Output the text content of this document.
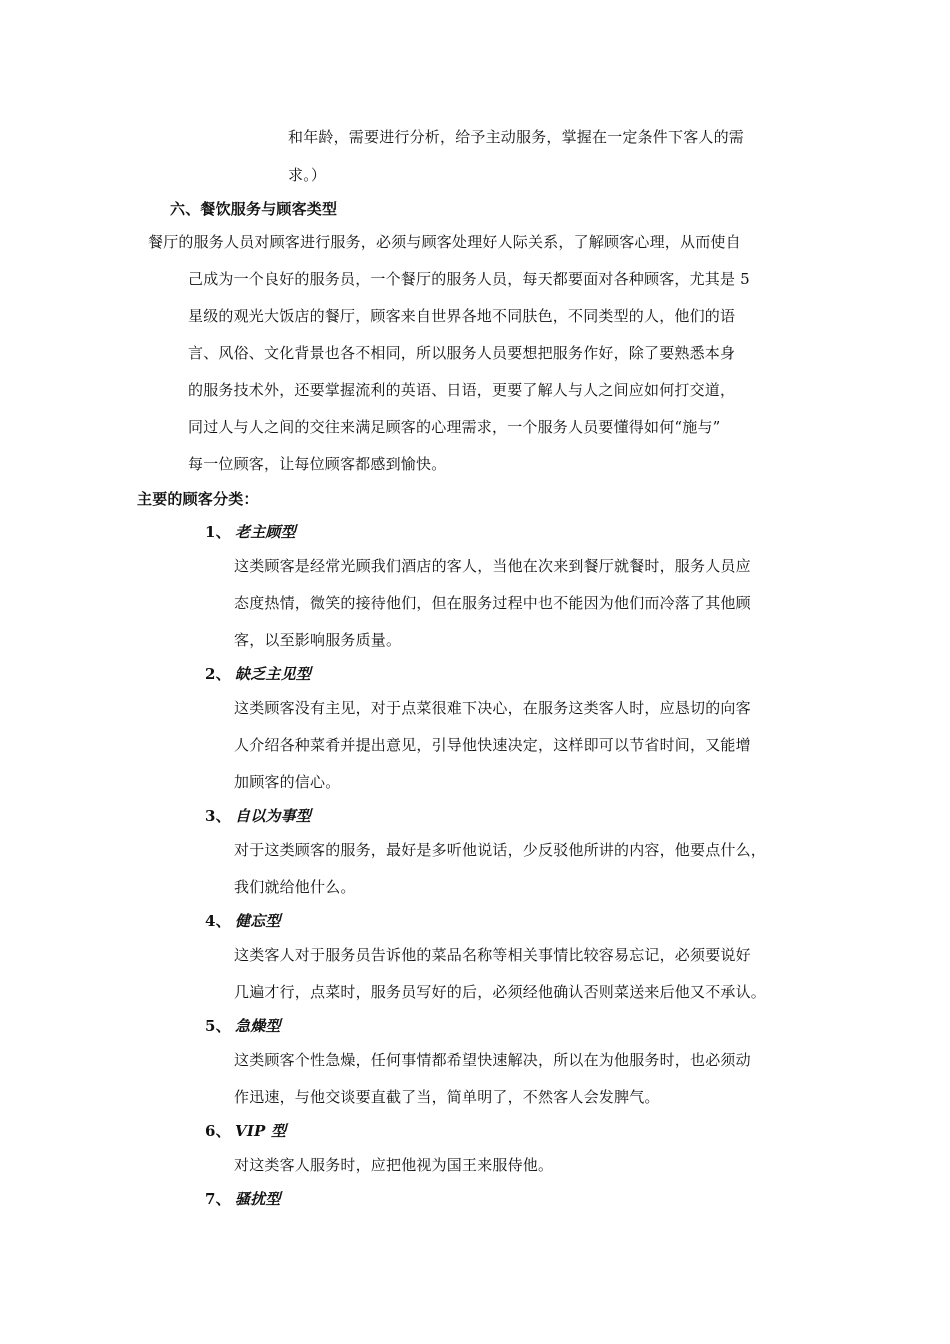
和年龄，需要进行分析，给予主动服务，掌握在一定条件下客人的需
求。）
六、餐饮服务与顾客类型
餐厅的服务人员对顾客进行服务，必须与顾客处理好人际关系，了解顾客心理，从而使自
己成为一个良好的服务员，一个餐厅的服务人员，每天都要面对各种顾客，尤其是 5
星级的观光大饭店的餐厅，顾客来自世界各地不同肤色，不同类型的人，他们的语
言、风俗、文化背景也各不相同，所以服务人员要想把服务作好，除了要熟悉本身
的服务技术外，还要掌握流利的英语、日语，更要了解人与人之间应如何打交道，
同过人与人之间的交往来满足顾客的心理需求，一个服务人员要懂得如何“施与”
每一位顾客，让每位顾客都感到愉快。
主要的顾客分类：
1、 老主顾型
这类顾客是经常光顾我们酒店的客人，当他在次来到餐厅就餐时，服务人员应
态度热情，微笑的接待他们，但在服务过程中也不能因为他们而冷落了其他顾
客，以至影响服务质量。
2、 缺乏主见型
这类顾客没有主见，对于点菜很难下决心，在服务这类客人时，应恳切的向客
人介绍各种菜肴并提出意见，引导他快速决定，这样即可以节省时间，又能增
加顾客的信心。
3、 自以为事型
对于这类顾客的服务，最好是多听他说话，少反驳他所讲的内容，他要点什么，
我们就给他什么。
4、 健忘型
这类客人对于服务员告诉他的菜品名称等相关事情比较容易忘记，必须要说好
几遍才行，点菜时，服务员写好的后，必须经他确认否则菜送来后他又不承认。
5、 急燥型
这类顾客个性急燥，任何事情都希望快速解决，所以在为他服务时，也必须动
作迅速，与他交谈要直截了当，简单明了，不然客人会发脾气。
6、 VIP 型
对这类客人服务时，应把他视为国王来服侍他。
7、 骚扰型
